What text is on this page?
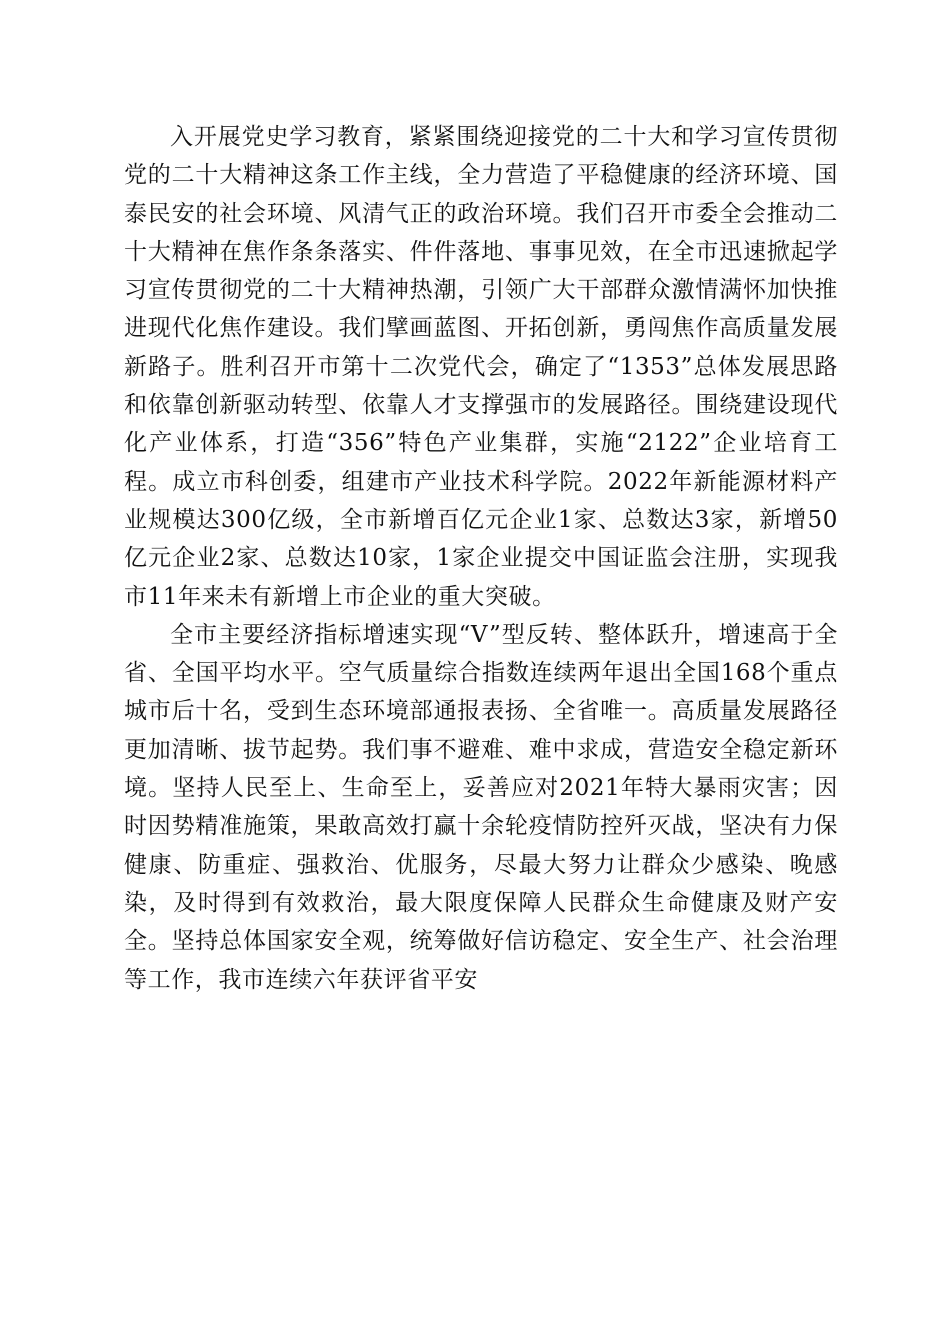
入开展党史学习教育，紧紧围绕迎接党的二十大和学习宣传贯彻党的二十大精神这条工作主线，全力营造了平稳健康的经济环境、国泰民安的社会环境、风清气正的政治环境。我们召开市委全会推动二十大精神在焦作条条落实、件件落地、事事见效，在全市迅速掀起学习宣传贯彻党的二十大精神热潮，引领广大干部群众激情满怀加快推进现代化焦作建设。我们擘画蓝图、开拓创新，勇闯焦作高质量发展新路子。胜利召开市第十二次党代会，确定了“1353”总体发展思路和依靠创新驱动转型、依靠人才支撑强市的发展路径。围绕建设现代化产业体系，打造“356”特色产业集群，实施“2122”企业培育工程。成立市科创委，组建市产业技术科学院。2022年新能源材料产业规模达300亿级，全市新增百亿元企业1家、总数达3家，新增50亿元企业2家、总数达10家，1家企业提交中国证监会注册，实现我市11年来未有新增上市企业的重大突破。

全市主要经济指标增速实现“V”型反转、整体跃升，增速高于全省、全国平均水平。空气质量综合指数连续两年退出全国168个重点城市后十名，受到生态环境部通报表扬、全省唯一。高质量发展路径更加清晰、拔节起势。我们事不避难、难中求成，营造安全稳定新环境。坚持人民至上、生命至上，妥善应对2021年特大暴雨灾害；因时因势精准施策，果敢高效打赢十余轮疫情防控歼灭战，坚决有力保健康、防重症、强救治、优服务，尽最大努力让群众少感染、晚感染，及时得到有效救治，最大限度保障人民群众生命健康及财产安全。坚持总体国家安全观，统筹做好信访稳定、安全生产、社会治理等工作，我市连续六年获评省平安
